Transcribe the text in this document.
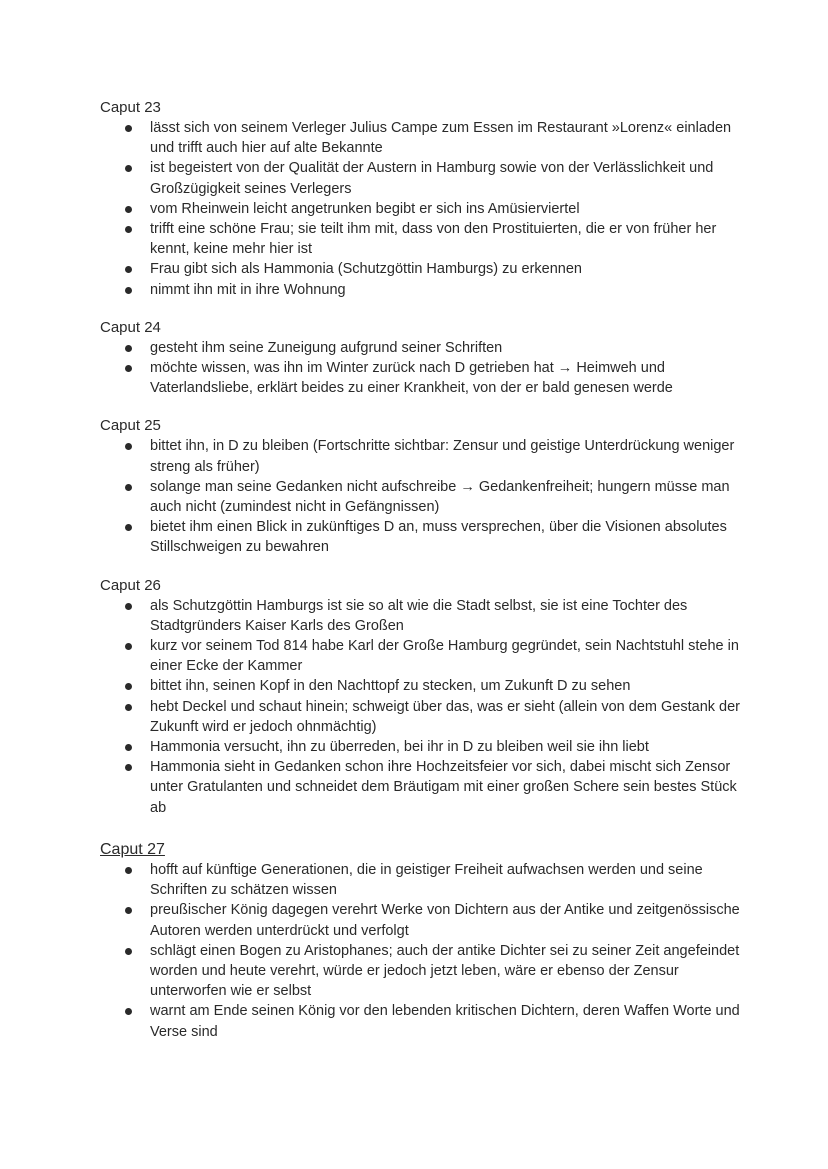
Caput 23

lässt sich von seinem Verleger Julius Campe zum Essen im Restaurant »Lorenz« einladen und trifft auch hier auf alte Bekannte
ist begeistert von der Qualität der Austern in Hamburg sowie von der Verlässlichkeit und Großzügigkeit seines Verlegers
vom Rheinwein leicht angetrunken begibt er sich ins Amüsierviertel
trifft eine schöne Frau; sie teilt ihm mit, dass von den Prostituierten, die er von früher her kennt, keine mehr hier ist
Frau gibt sich als Hammonia (Schutzgöttin Hamburgs) zu erkennen
nimmt ihn mit in ihre Wohnung

Caput 24

gesteht ihm seine Zuneigung aufgrund seiner Schriften
möchte wissen, was ihn im Winter zurück nach D getrieben hat → Heimweh und Vaterlandsliebe, erklärt beides zu einer Krankheit, von der er bald genesen werde

Caput 25

bittet ihn, in D zu bleiben (Fortschritte sichtbar: Zensur und geistige Unterdrückung weniger streng als früher)
solange man seine Gedanken nicht aufschreibe → Gedankenfreiheit; hungern müsse man auch nicht (zumindest nicht in Gefängnissen)
bietet ihm einen Blick in zukünftiges D an, muss versprechen, über die Visionen absolutes Stillschweigen zu bewahren

Caput 26

als Schutzgöttin Hamburgs ist sie so alt wie die Stadt selbst, sie ist eine Tochter des Stadtgründers Kaiser Karls des Großen
kurz vor seinem Tod 814 habe Karl der Große Hamburg gegründet, sein Nachtstuhl stehe in einer Ecke der Kammer
bittet ihn, seinen Kopf in den Nachttopf zu stecken, um Zukunft D zu sehen
hebt Deckel und schaut hinein; schweigt über das, was er sieht (allein von dem Gestank der Zukunft wird er jedoch ohnmächtig)
Hammonia versucht, ihn zu überreden, bei ihr in D zu bleiben weil sie ihn liebt
Hammonia sieht in Gedanken schon ihre Hochzeitsfeier vor sich, dabei mischt sich Zensor unter Gratulanten und schneidet dem Bräutigam mit einer großen Schere sein bestes Stück ab

Caput 27

hofft auf künftige Generationen, die in geistiger Freiheit aufwachsen werden und seine Schriften zu schätzen wissen
preußischer König dagegen verehrt Werke von Dichtern aus der Antike und zeitgenössische Autoren werden unterdrückt und verfolgt
schlägt einen Bogen zu Aristophanes; auch der antike Dichter sei zu seiner Zeit angefeindet worden und heute verehrt, würde er jedoch jetzt leben, wäre er ebenso der Zensur unterworfen wie er selbst
warnt am Ende seinen König vor den lebenden kritischen Dichtern, deren Waffen Worte und Verse sind
